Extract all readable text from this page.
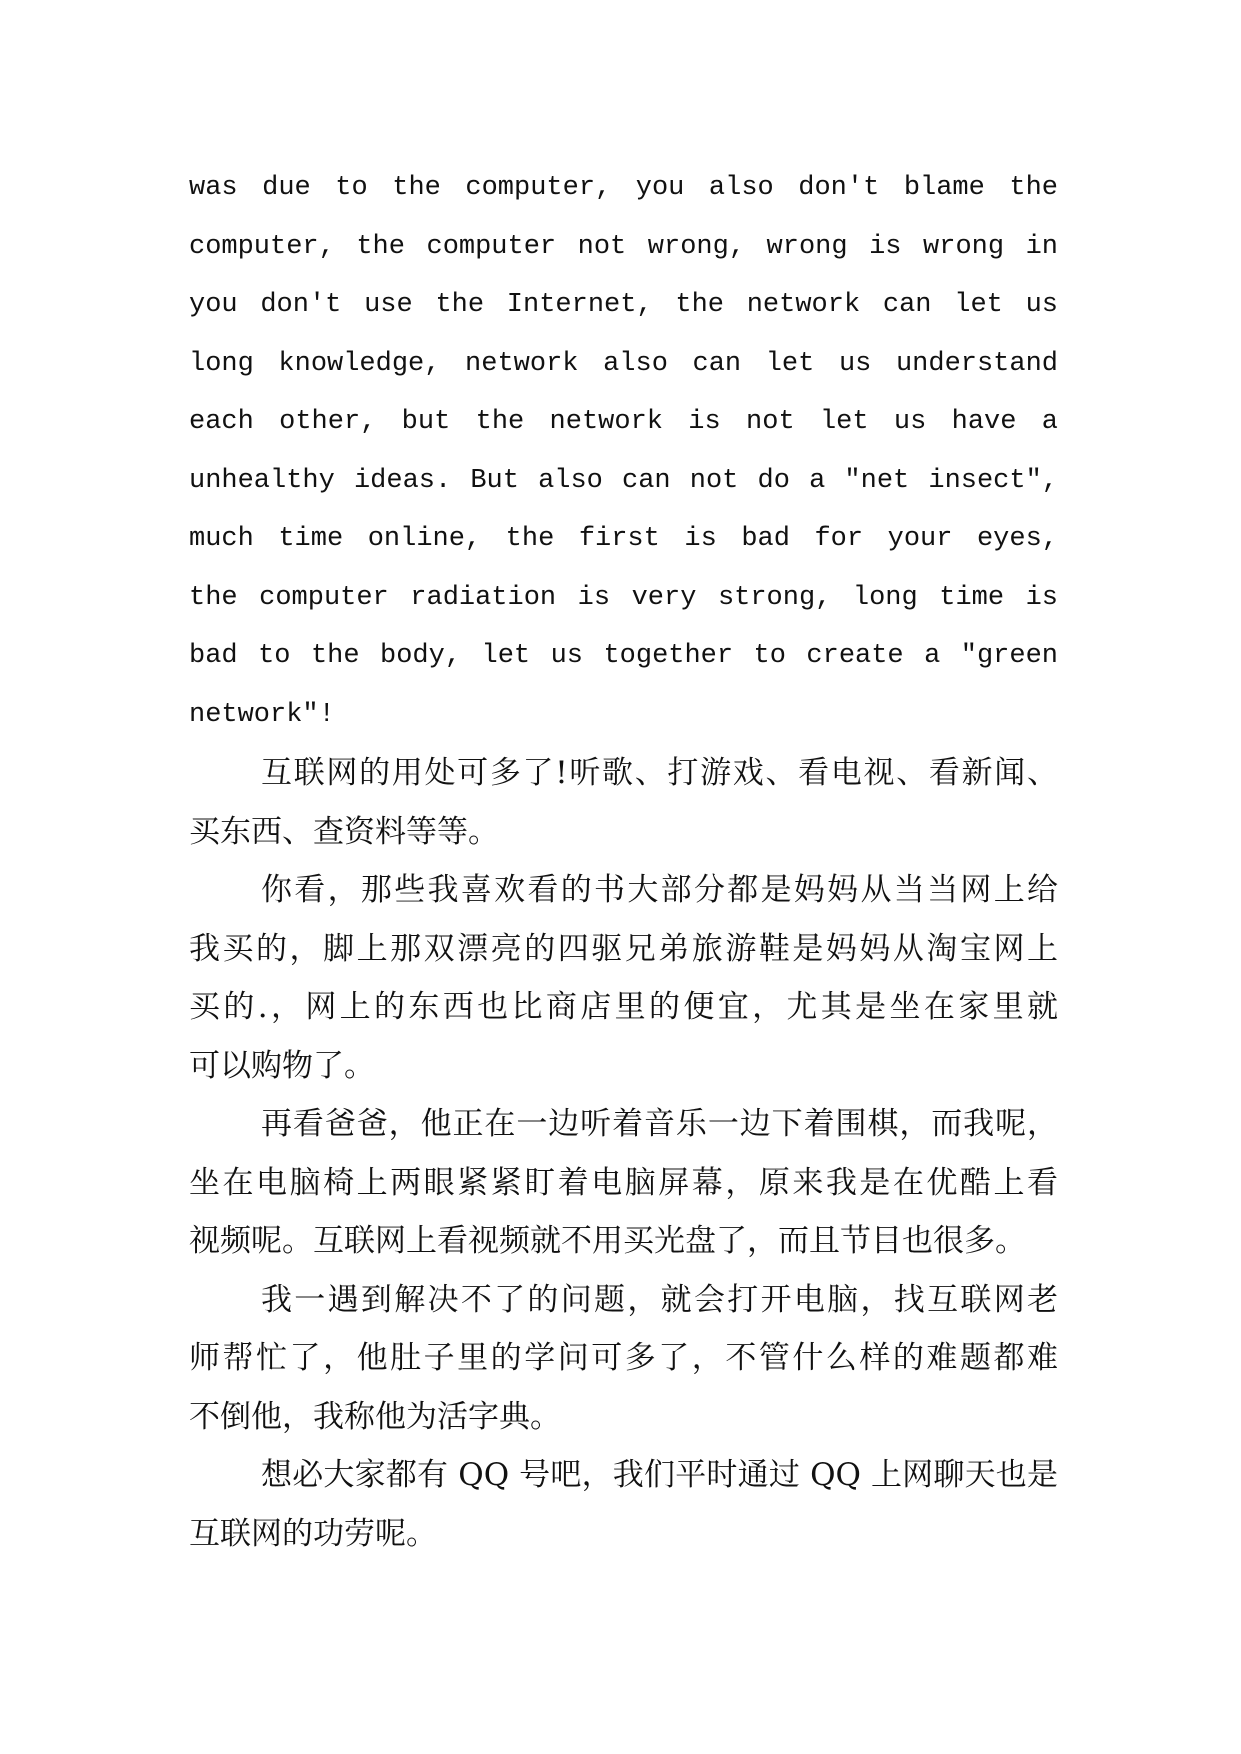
was due to the computer, you also don't blame the
computer, the computer not wrong, wrong is wrong in
you don't use the Internet, the network can let us
long knowledge, network also can let us understand
each other, but the network is not let us have a
unhealthy ideas. But also can not do a "net insect",
much time online, the first is bad for your eyes,
the computer radiation is very strong, long time is
bad to the body, let us together to create a "green
network"!
互联网的用处可多了!听歌、打游戏、看电视、看新闻、
买东西、查资料等等。
你看，那些我喜欢看的书大部分都是妈妈从当当网上给
我买的，脚上那双漂亮的四驱兄弟旅游鞋是妈妈从淘宝网上
买的.，网上的东西也比商店里的便宜，尤其是坐在家里就
可以购物了。
再看爸爸，他正在一边听着音乐一边下着围棋，而我呢，
坐在电脑椅上两眼紧紧盯着电脑屏幕，原来我是在优酷上看
视频呢。互联网上看视频就不用买光盘了，而且节目也很多。
我一遇到解决不了的问题，就会打开电脑，找互联网老
师帮忙了，他肚子里的学问可多了，不管什么样的难题都难
不倒他，我称他为活字典。
想必大家都有 QQ 号吧，我们平时通过 QQ 上网聊天也是
互联网的功劳呢。
